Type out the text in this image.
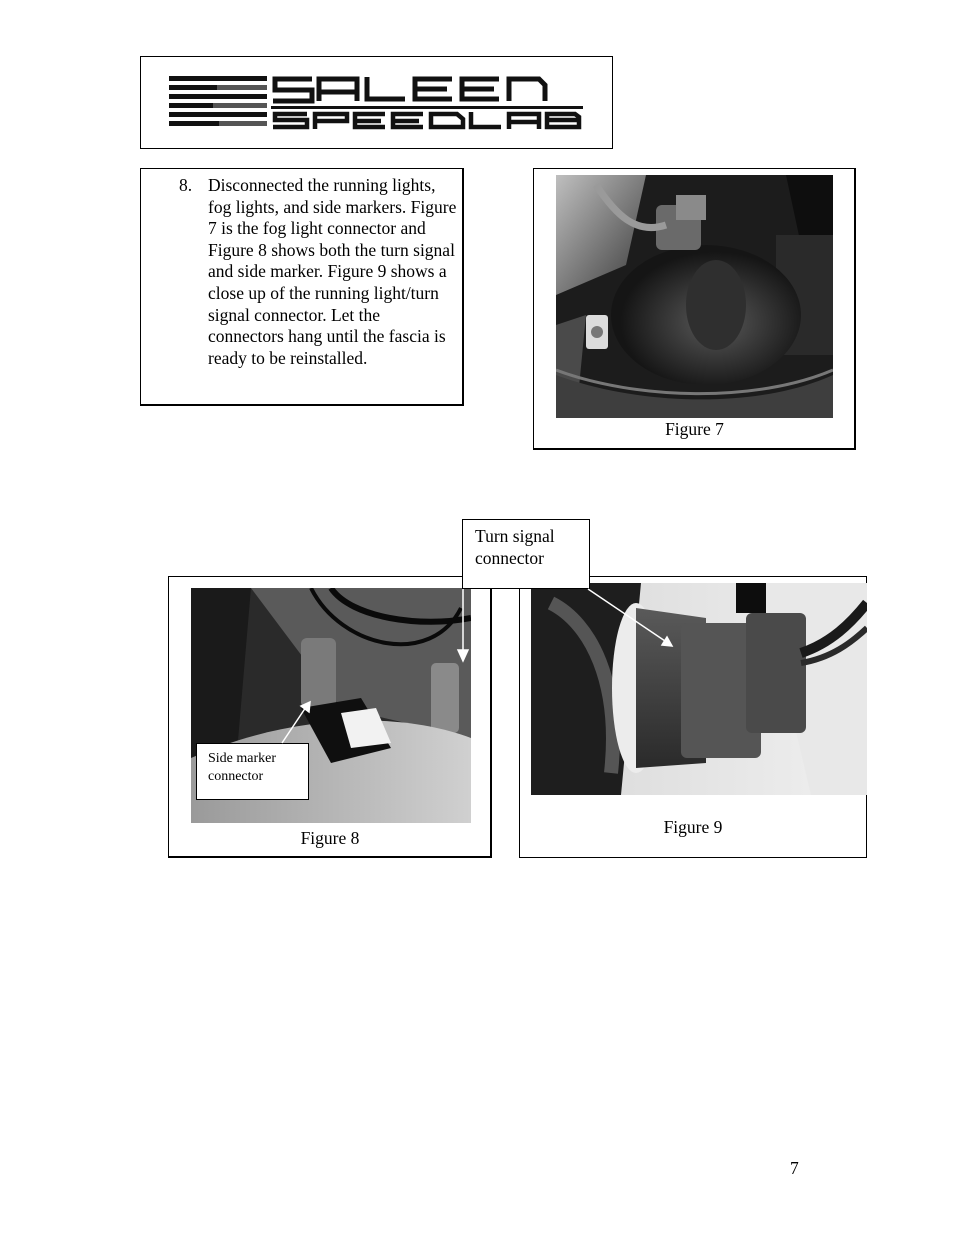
8. Disconnected the running lights, fog lights, and side markers. Figure 7 is the fog light connector and Figure 8 shows both the turn signal and side marker. Figure 9 shows a close up of the running light/turn signal connector. Let the connectors hang until the fascia is ready to be reinstalled.
Figure 7
Figure 8
Figure 9
Turn signal connector
Side marker connector
7
